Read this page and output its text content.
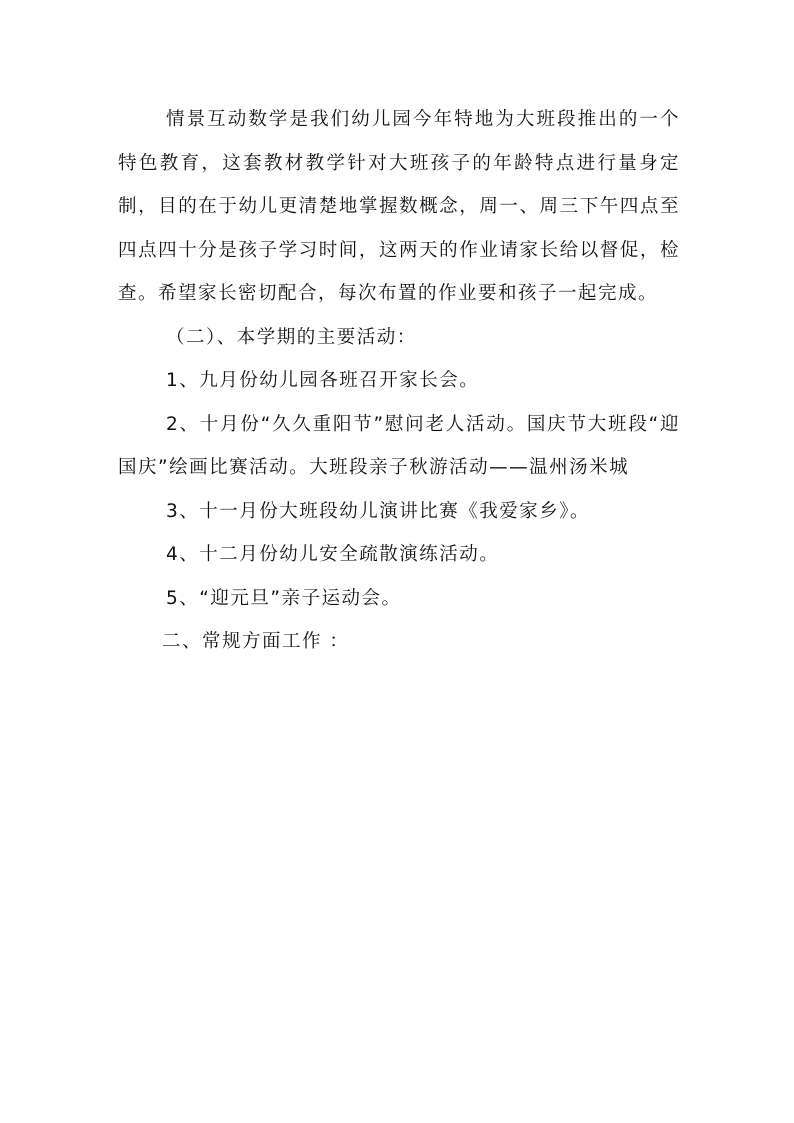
情景互动数学是我们幼儿园今年特地为大班段推出的一个特色教育，这套教材教学针对大班孩子的年龄特点进行量身定制，目的在于幼儿更清楚地掌握数概念，周一、周三下午四点至四点四十分是孩子学习时间，这两天的作业请家长给以督促，检查。希望家长密切配合，每次布置的作业要和孩子一起完成。

（二）、本学期的主要活动：

1、九月份幼儿园各班召开家长会。

2、十月份“久久重阳节”慰问老人活动。国庆节大班段“迎国庆”绘画比赛活动。大班段亲子秋游活动——温州汤米城

3、十一月份大班段幼儿演讲比赛《我爱家乡》。

4、十二月份幼儿安全疏散演练活动。

5、“迎元旦”亲子运动会。

二、常规方面工作 ：
